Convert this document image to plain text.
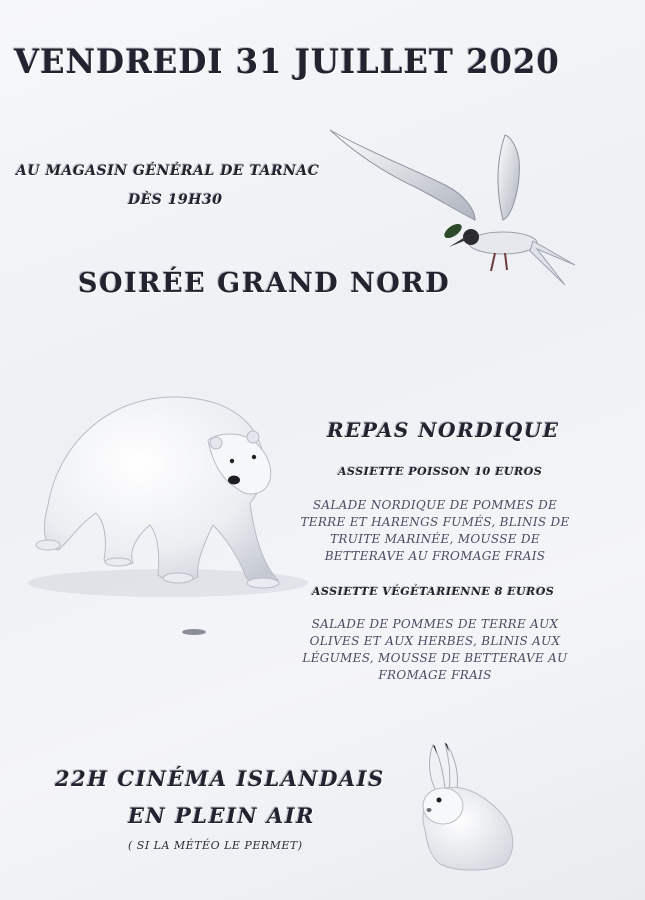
VENDREDI 31 JUILLET 2020
AU MAGASIN GÉNÉRAL DE TARNAC
DÈS 19H30
SOIRÉE GRAND NORD
REPAS NORDIQUE
ASSIETTE POISSON 10 EUROS
SALADE NORDIQUE DE POMMES DE TERRE ET HARENGS FUMÉS, BLINIS DE TRUITE MARINÉE, MOUSSE DE BETTERAVE AU FROMAGE FRAIS
ASSIETTE VÉGÉTARIENNE 8 EUROS
SALADE DE POMMES DE TERRE AUX OLIVES ET AUX HERBES, BLINIS AUX LÉGUMES, MOUSSE DE BETTERAVE AU FROMAGE FRAIS
22H CINÉMA ISLANDAIS
EN PLEIN AIR
( SI LA MÉTÉO LE PERMET)
